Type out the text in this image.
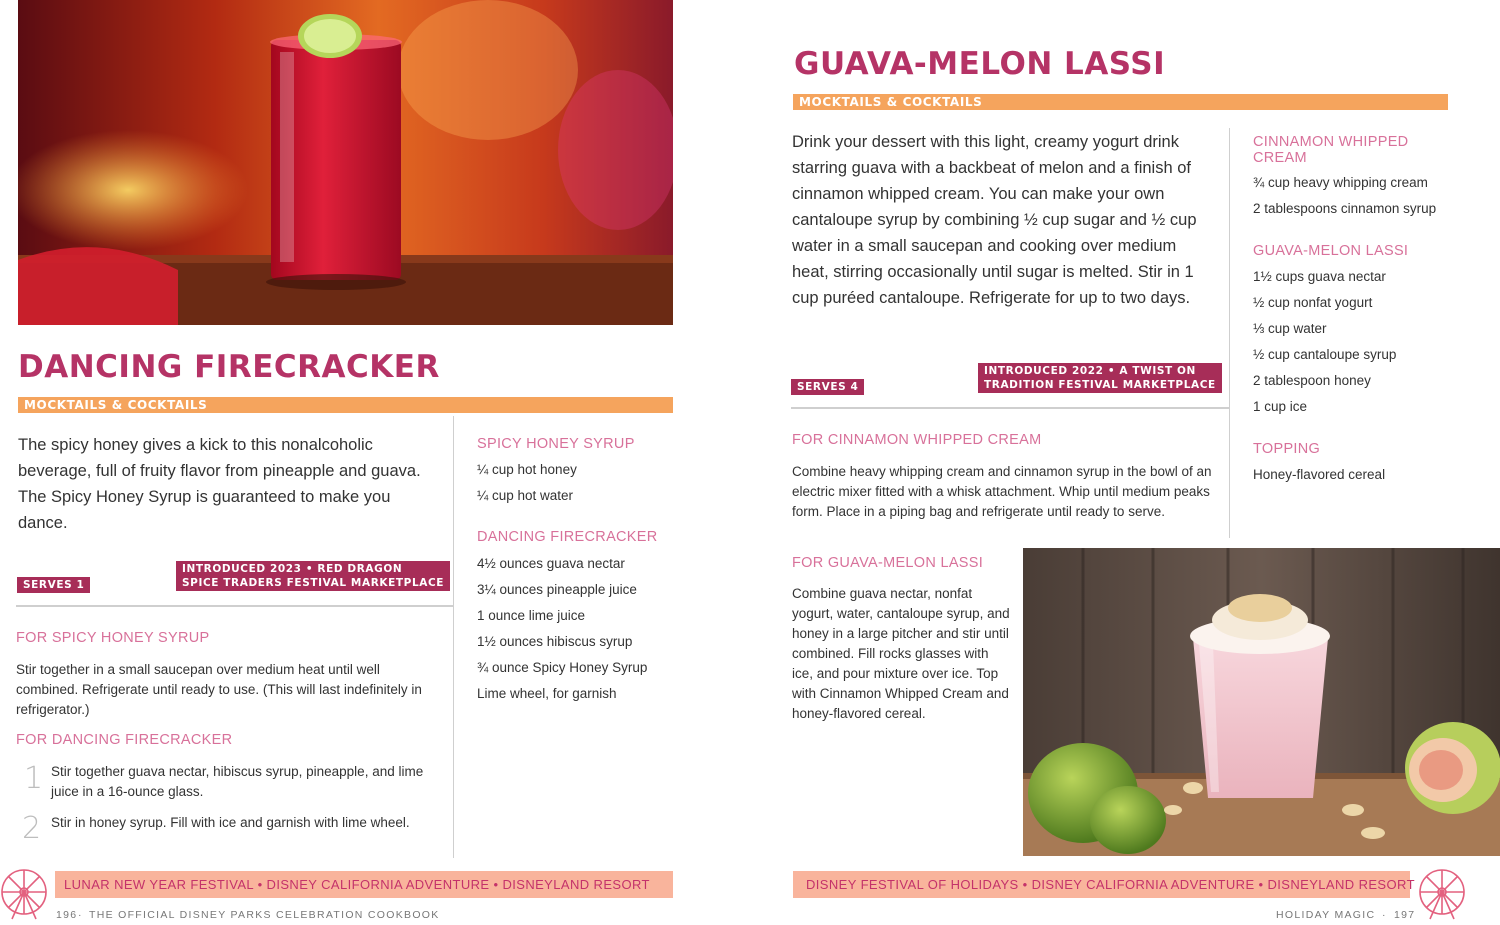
DANCING FIRECRACKER
MOCKTAILS & COCKTAILS
The spicy honey gives a kick to this nonalcoholic beverage, full of fruity flavor from pineapple and guava. The Spicy Honey Syrup is guaranteed to make you dance.
SERVES 1
INTRODUCED 2023 • RED DRAGON
SPICE TRADERS FESTIVAL MARKETPLACE
FOR SPICY HONEY SYRUP
Stir together in a small saucepan over medium heat until well combined. Refrigerate until ready to use. (This will last indefinitely in refrigerator.)
FOR DANCING FIRECRACKER
1 Stir together guava nectar, hibiscus syrup, pineapple, and lime juice in a 16-ounce glass.
2 Stir in honey syrup. Fill with ice and garnish with lime wheel.
SPICY HONEY SYRUP
¼ cup hot honey
¼ cup hot water
DANCING FIRECRACKER
4½ ounces guava nectar
3¼ ounces pineapple juice
1 ounce lime juice
1½ ounces hibiscus syrup
¾ ounce Spicy Honey Syrup
Lime wheel, for garnish
LUNAR NEW YEAR FESTIVAL • DISNEY CALIFORNIA ADVENTURE • DISNEYLAND RESORT
196 · THE OFFICIAL DISNEY PARKS CELEBRATION COOKBOOK
GUAVA-MELON LASSI
MOCKTAILS & COCKTAILS
Drink your dessert with this light, creamy yogurt drink starring guava with a backbeat of melon and a finish of cinnamon whipped cream. You can make your own cantaloupe syrup by combining ½ cup sugar and ½ cup water in a small saucepan and cooking over medium heat, stirring occasionally until sugar is melted. Stir in 1 cup puréed cantaloupe. Refrigerate for up to two days.
SERVES 4
INTRODUCED 2022 • A TWIST ON
TRADITION FESTIVAL MARKETPLACE
FOR CINNAMON WHIPPED CREAM
Combine heavy whipping cream and cinnamon syrup in the bowl of an electric mixer fitted with a whisk attachment. Whip until medium peaks form. Place in a piping bag and refrigerate until ready to serve.
FOR GUAVA-MELON LASSI
Combine guava nectar, nonfat yogurt, water, cantaloupe syrup, and honey in a large pitcher and stir until combined. Fill rocks glasses with ice, and pour mixture over ice. Top with Cinnamon Whipped Cream and honey-flavored cereal.
CINNAMON WHIPPED CREAM
¾ cup heavy whipping cream
2 tablespoons cinnamon syrup
GUAVA-MELON LASSI
1½ cups guava nectar
½ cup nonfat yogurt
⅓ cup water
½ cup cantaloupe syrup
2 tablespoon honey
1 cup ice
TOPPING
Honey-flavored cereal
DISNEY FESTIVAL OF HOLIDAYS • DISNEY CALIFORNIA ADVENTURE • DISNEYLAND RESORT
HOLIDAY MAGIC · 197
